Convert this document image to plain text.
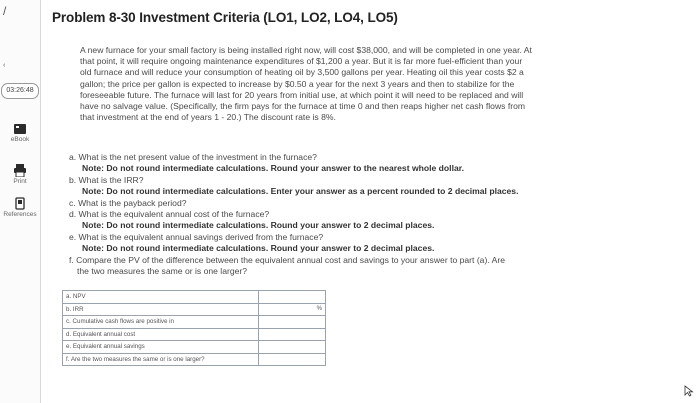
/
‹
03:26:48
eBook
Print
References
Problem 8-30 Investment Criteria (LO1, LO2, LO4, LO5)
A new furnace for your small factory is being installed right now, will cost $38,000, and will be completed in one year. At
that point, it will require ongoing maintenance expenditures of $1,200 a year. But it is far more fuel-efficient than your
old furnace and will reduce your consumption of heating oil by 3,500 gallons per year. Heating oil this year costs $2 a
gallon; the price per gallon is expected to increase by $0.50 a year for the next 3 years and then to stabilize for the
foreseeable future. The furnace will last for 20 years from initial use, at which point it will need to be replaced and will
have no salvage value. (Specifically, the firm pays for the furnace at time 0 and then reaps higher net cash flows from
that investment at the end of years 1 - 20.) The discount rate is 8%.
a. What is the net present value of the investment in the furnace?
Note: Do not round intermediate calculations. Round your answer to the nearest whole dollar.
b. What is the IRR?
Note: Do not round intermediate calculations. Enter your answer as a percent rounded to 2 decimal places.
c. What is the payback period?
d. What is the equivalent annual cost of the furnace?
Note: Do not round intermediate calculations. Round your answer to 2 decimal places.
e. What is the equivalent annual savings derived from the furnace?
Note: Do not round intermediate calculations. Round your answer to 2 decimal places.
f. Compare the PV of the difference between the equivalent annual cost and savings to your answer to part (a). Are
the two measures the same or is one larger?
a. NPV	
b. IRR	%

c. Cumulative cash flows are positive in	
d. Equivalent annual cost	
e. Equivalent annual savings	
f. Are the two measures the same or is one larger?	
